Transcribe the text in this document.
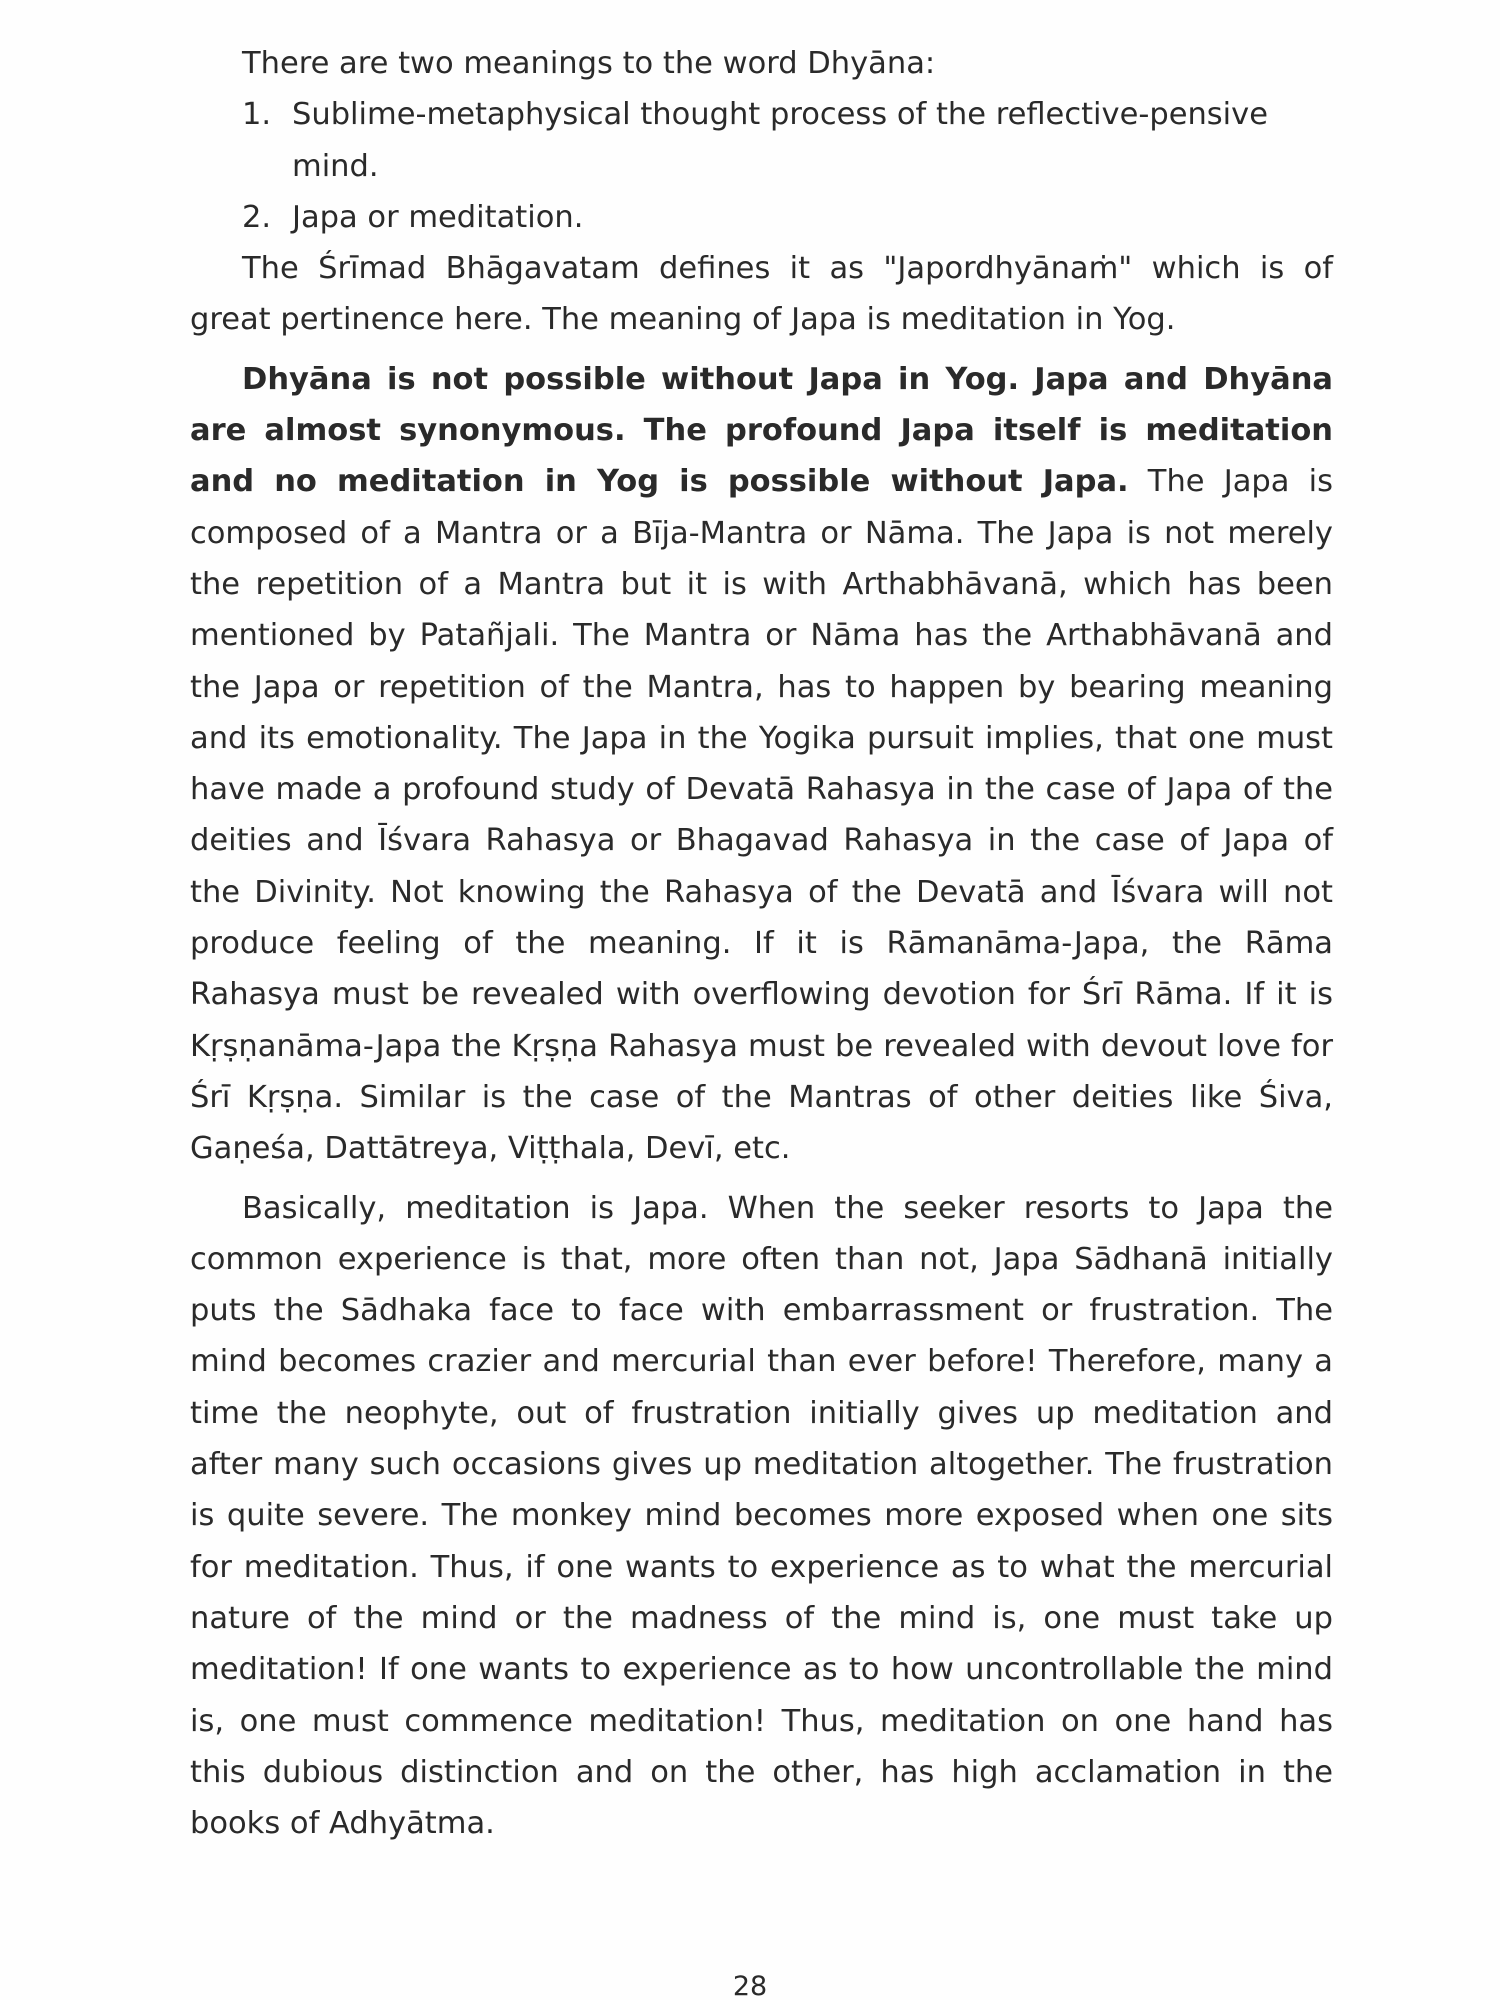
There are two meanings to the word Dhyāna:

1. Sublime-metaphysical thought process of the reflective-pensive mind.
2. Japa or meditation.

The Śrīmad Bhāgavatam defines it as "Japordhyānaṁ" which is of great pertinence here. The meaning of Japa is meditation in Yog.

Dhyāna is not possible without Japa in Yog. Japa and Dhyāna are almost synonymous. The profound Japa itself is meditation and no meditation in Yog is possible without Japa. The Japa is composed of a Mantra or a Bīja-Mantra or Nāma. The Japa is not merely the repetition of a Mantra but it is with Arthabhāvanā, which has been mentioned by Patañjali. The Mantra or Nāma has the Arthabhāvanā and the Japa or repetition of the Mantra, has to happen by bearing meaning and its emotionality. The Japa in the Yogika pursuit implies, that one must have made a profound study of Devatā Rahasya in the case of Japa of the deities and Īśvara Rahasya or Bhagavad Rahasya in the case of Japa of the Divinity. Not knowing the Rahasya of the Devatā and Īśvara will not produce feeling of the meaning. If it is Rāmanāma-Japa, the Rāma Rahasya must be revealed with overflowing devotion for Śrī Rāma. If it is Kṛṣṇanāma-Japa the Kṛṣṇa Rahasya must be revealed with devout love for Śrī Kṛṣṇa. Similar is the case of the Mantras of other deities like Śiva, Gaṇeśa, Dattātreya, Viṭṭhala, Devī, etc.

Basically, meditation is Japa. When the seeker resorts to Japa the common experience is that, more often than not, Japa Sādhanā initially puts the Sādhaka face to face with embarrassment or frustration. The mind becomes crazier and mercurial than ever before! Therefore, many a time the neophyte, out of frustration initially gives up meditation and after many such occasions gives up meditation altogether. The frustration is quite severe. The monkey mind becomes more exposed when one sits for meditation. Thus, if one wants to experience as to what the mercurial nature of the mind or the madness of the mind is, one must take up meditation! If one wants to experience as to how uncontrollable the mind is, one must commence meditation! Thus, meditation on one hand has this dubious distinction and on the other, has high acclamation in the books of Adhyātma.

28
